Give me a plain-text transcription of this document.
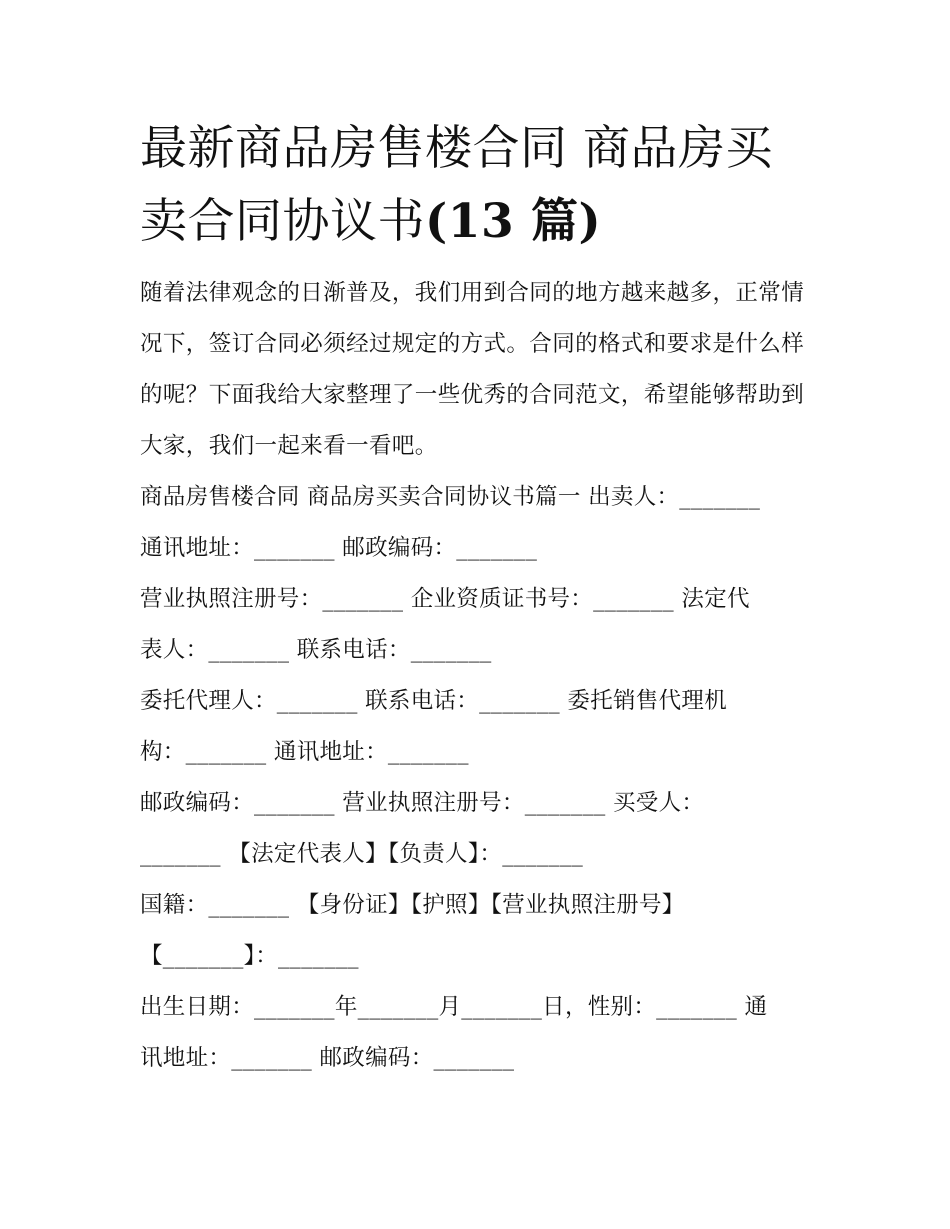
最新商品房售楼合同 商品房买
卖合同协议书(13 篇)

随着法律观念的日渐普及，我们用到合同的地方越来越多，正常情况下，签订合同必须经过规定的方式。合同的格式和要求是什么样的呢？下面我给大家整理了一些优秀的合同范文，希望能够帮助到大家，我们一起来看一看吧。

商品房售楼合同 商品房买卖合同协议书篇一 出卖人：_______
通讯地址：_______ 邮政编码：_______
营业执照注册号：_______ 企业资质证书号：_______ 法定代
表人：_______ 联系电话：_______
委托代理人：_______ 联系电话：_______ 委托销售代理机
构：_______ 通讯地址：_______
邮政编码：_______ 营业执照注册号：_______ 买受人：
_______ 【法定代表人】【负责人】：_______
国籍：_______ 【身份证】【护照】【营业执照注册号】
【_______】：_______
出生日期：_______年_______月_______日，性别：_______ 通
讯地址：_______ 邮政编码：_______
